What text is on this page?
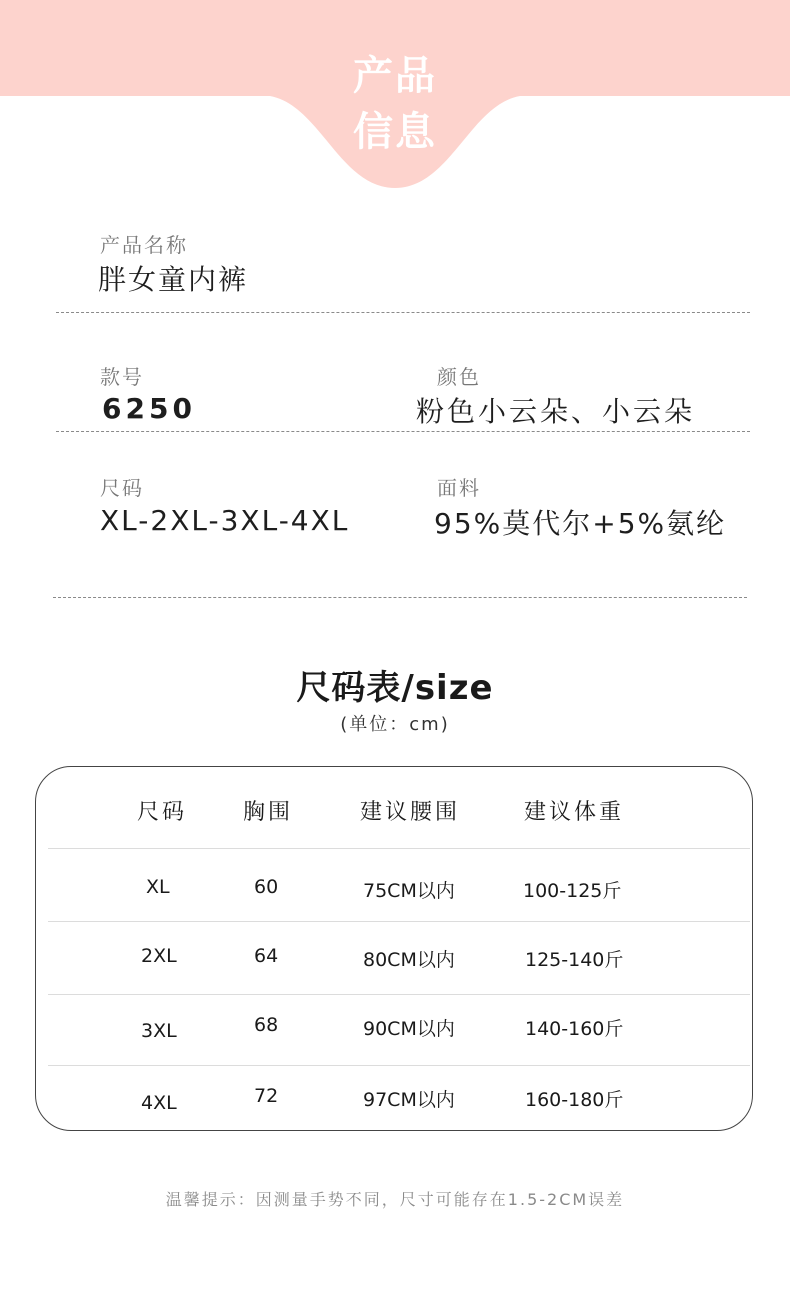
产品
信息
产品名称
胖女童内裤
款号
6250
颜色
粉色小云朵、小云朵
尺码
XL-2XL-3XL-4XL
面料
95%莫代尔+5%氨纶
尺码表/size
(单位：cm)
尺码	胸围	建议腰围	建议体重
XL	60	75CM以内	100-125斤
2XL	64	80CM以内	125-140斤
3XL	68	90CM以内	140-160斤
4XL	72	97CM以内	160-180斤
温馨提示：因测量手势不同，尺寸可能存在1.5-2CM误差
